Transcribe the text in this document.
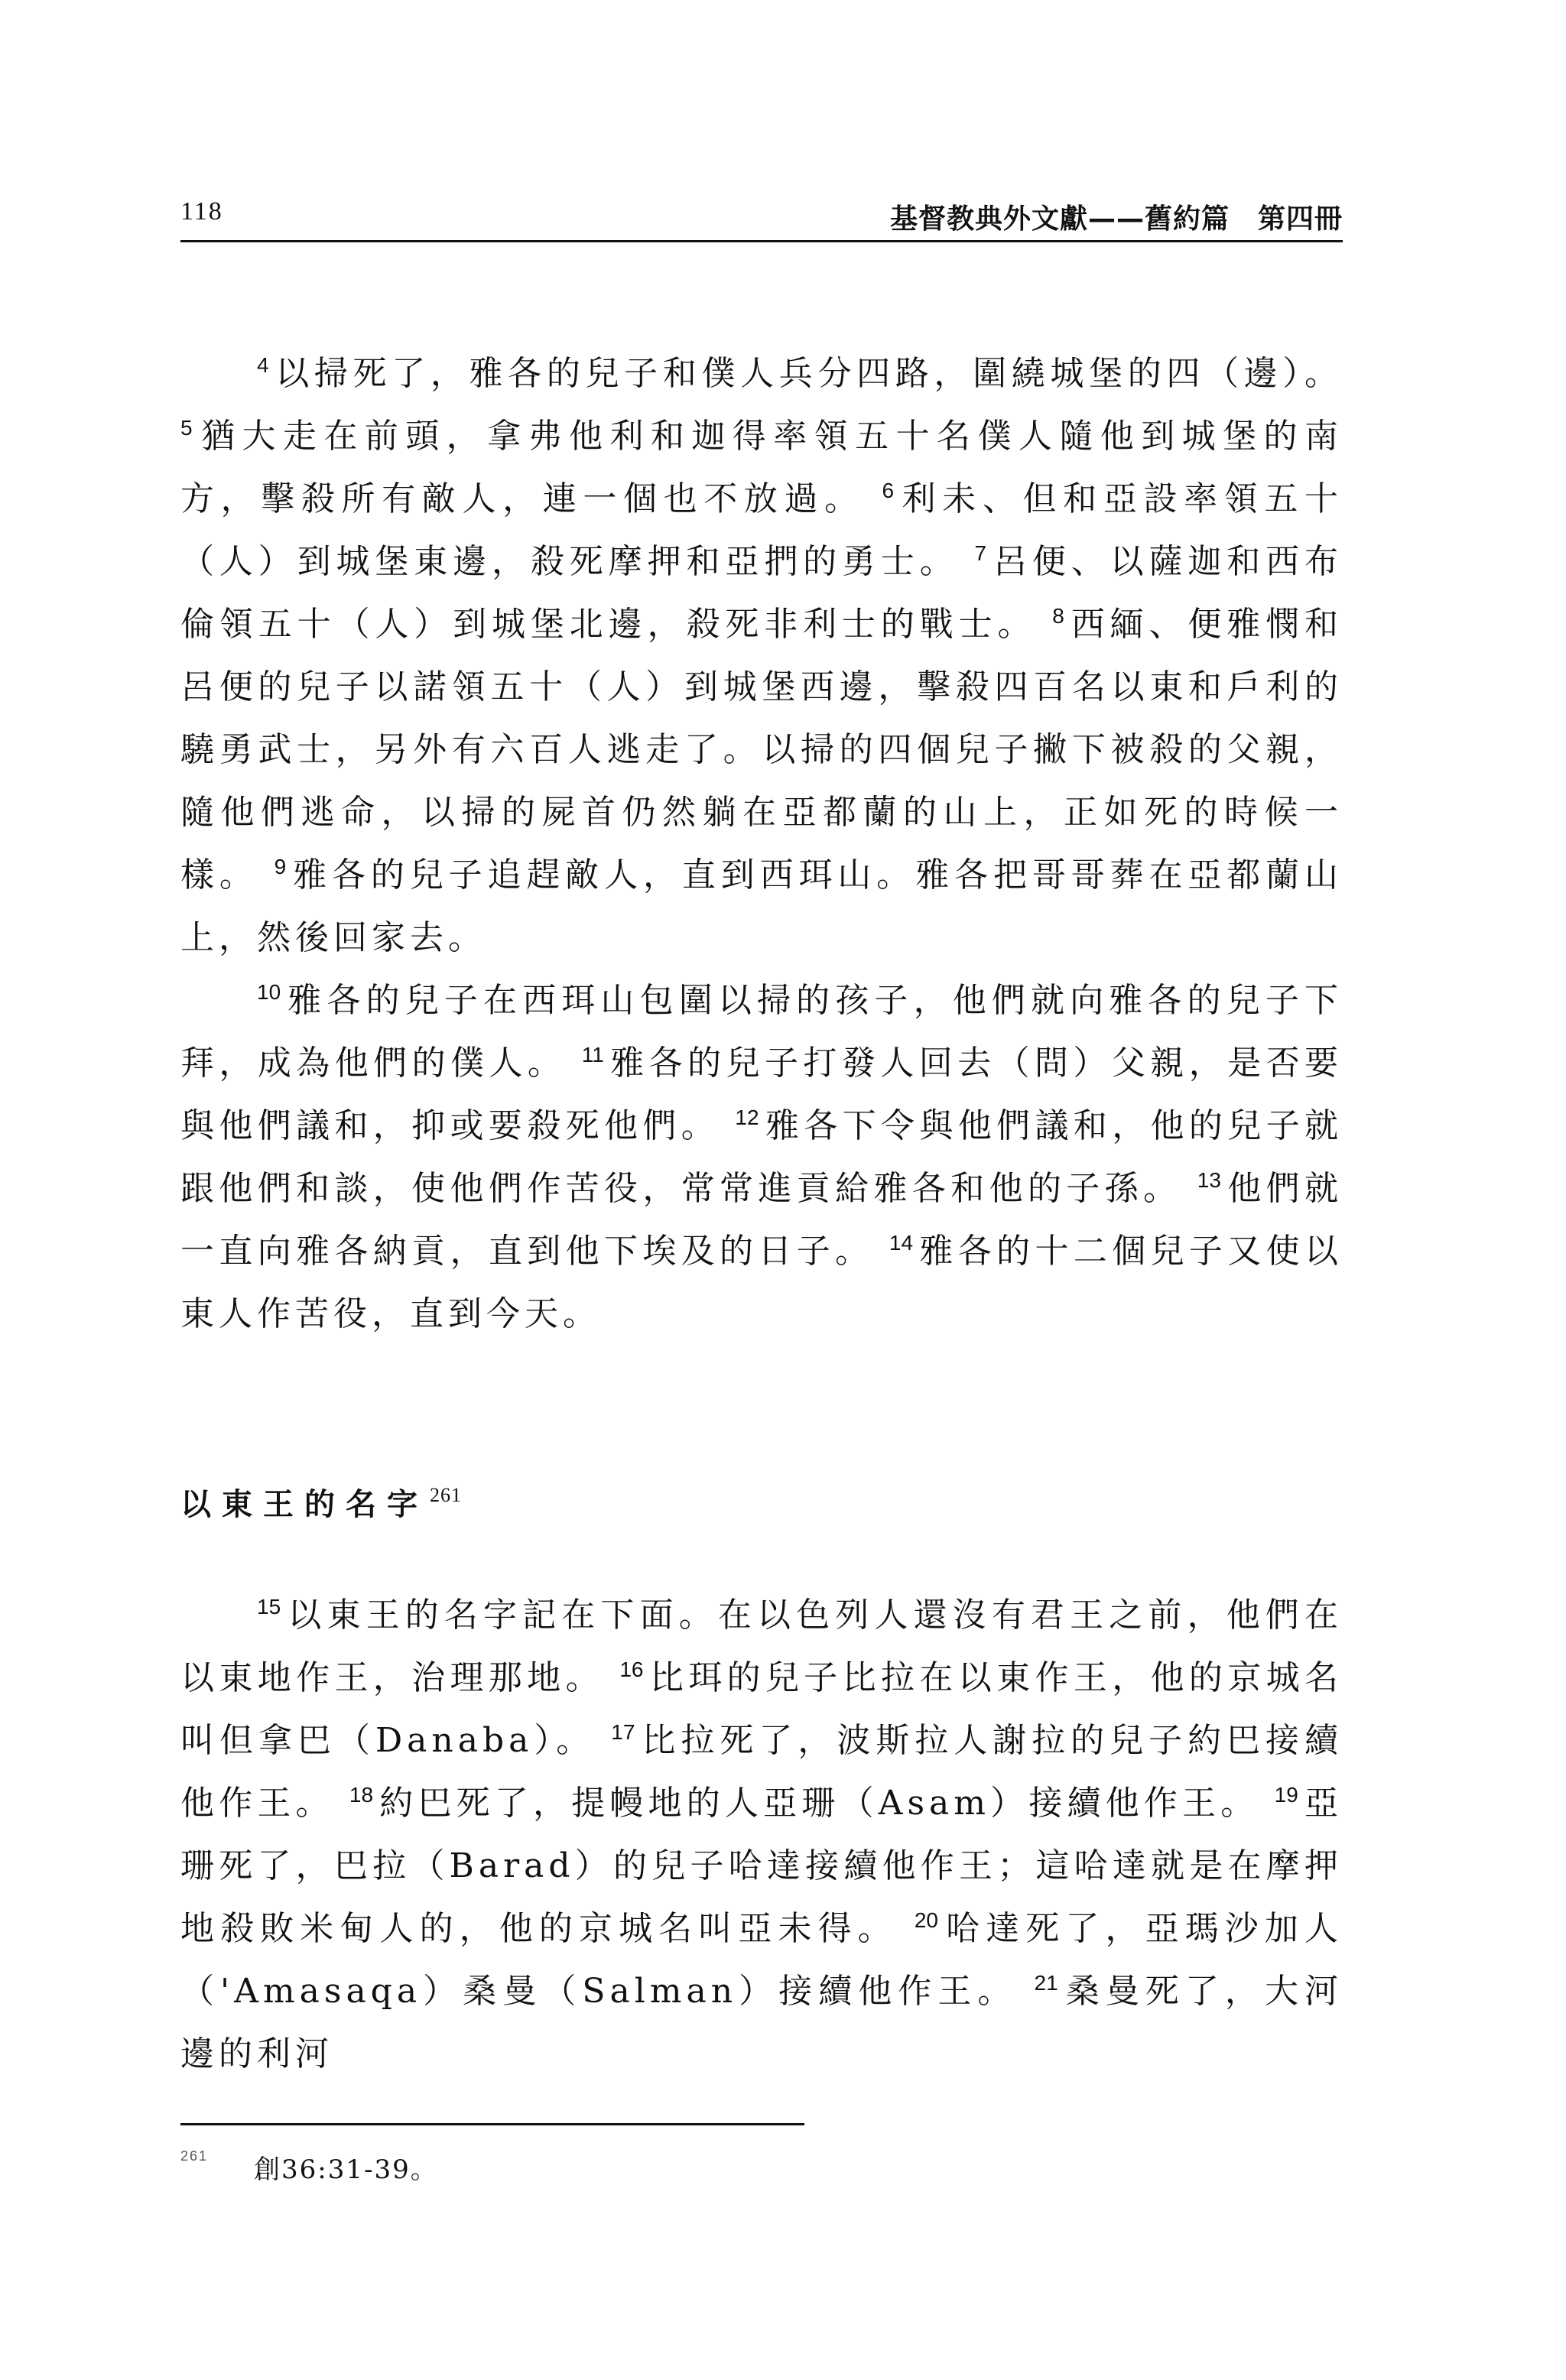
118	基督教典外文獻——舊約篇　第四冊

$^4$ 以掃死了，雅各的兒子和僕人兵分四路，圍繞城堡的四（邊）。 $^5$ 猶大走在前頭，拿弗他利和迦得率領五十名僕人隨他到城堡的南方，擊殺所有敵人，連一個也不放過。 $^6$ 利未、但和亞設率領五十（人）到城堡東邊，殺死摩押和亞捫的勇士。 $^7$ 呂便、以薩迦和西布倫領五十（人）到城堡北邊，殺死非利士的戰士。 $^8$ 西緬、便雅憫和呂便的兒子以諾領五十（人）到城堡西邊，擊殺四百名以東和戶利的驍勇武士，另外有六百人逃走了。以掃的四個兒子撇下被殺的父親，隨他們逃命，以掃的屍首仍然躺在亞都蘭的山上，正如死的時候一樣。 $^9$ 雅各的兒子追趕敵人，直到西珥山。雅各把哥哥葬在亞都蘭山上，然後回家去。

$^{10}$ 雅各的兒子在西珥山包圍以掃的孩子，他們就向雅各的兒子下拜，成為他們的僕人。 $^{11}$ 雅各的兒子打發人回去（問）父親，是否要與他們議和，抑或要殺死他們。 $^{12}$ 雅各下令與他們議和，他的兒子就跟他們和談，使他們作苦役，常常進貢給雅各和他的子孫。 $^{13}$ 他們就一直向雅各納貢，直到他下埃及的日子。 $^{14}$ 雅各的十二個兒子又使以東人作苦役，直到今天。

以東王的名字$^{261}$

$^{15}$ 以東王的名字記在下面。在以色列人還沒有君王之前，他們在以東地作王，治理那地。 $^{16}$ 比珥的兒子比拉在以東作王，他的京城名叫但拿巴（Danaba）。 $^{17}$ 比拉死了，波斯拉人謝拉的兒子約巴接續他作王。 $^{18}$ 約巴死了，提幔地的人亞珊（Asam）接續他作王。 $^{19}$ 亞珊死了，巴拉（Barad）的兒子哈達接續他作王；這哈達就是在摩押地殺敗米甸人的，他的京城名叫亞未得。 $^{20}$ 哈達死了，亞瑪沙加人（'Amasaqa）桑曼（Salman）接續他作王。 $^{21}$ 桑曼死了，大河邊的利河

$^{261}$ 創36:31-39。
